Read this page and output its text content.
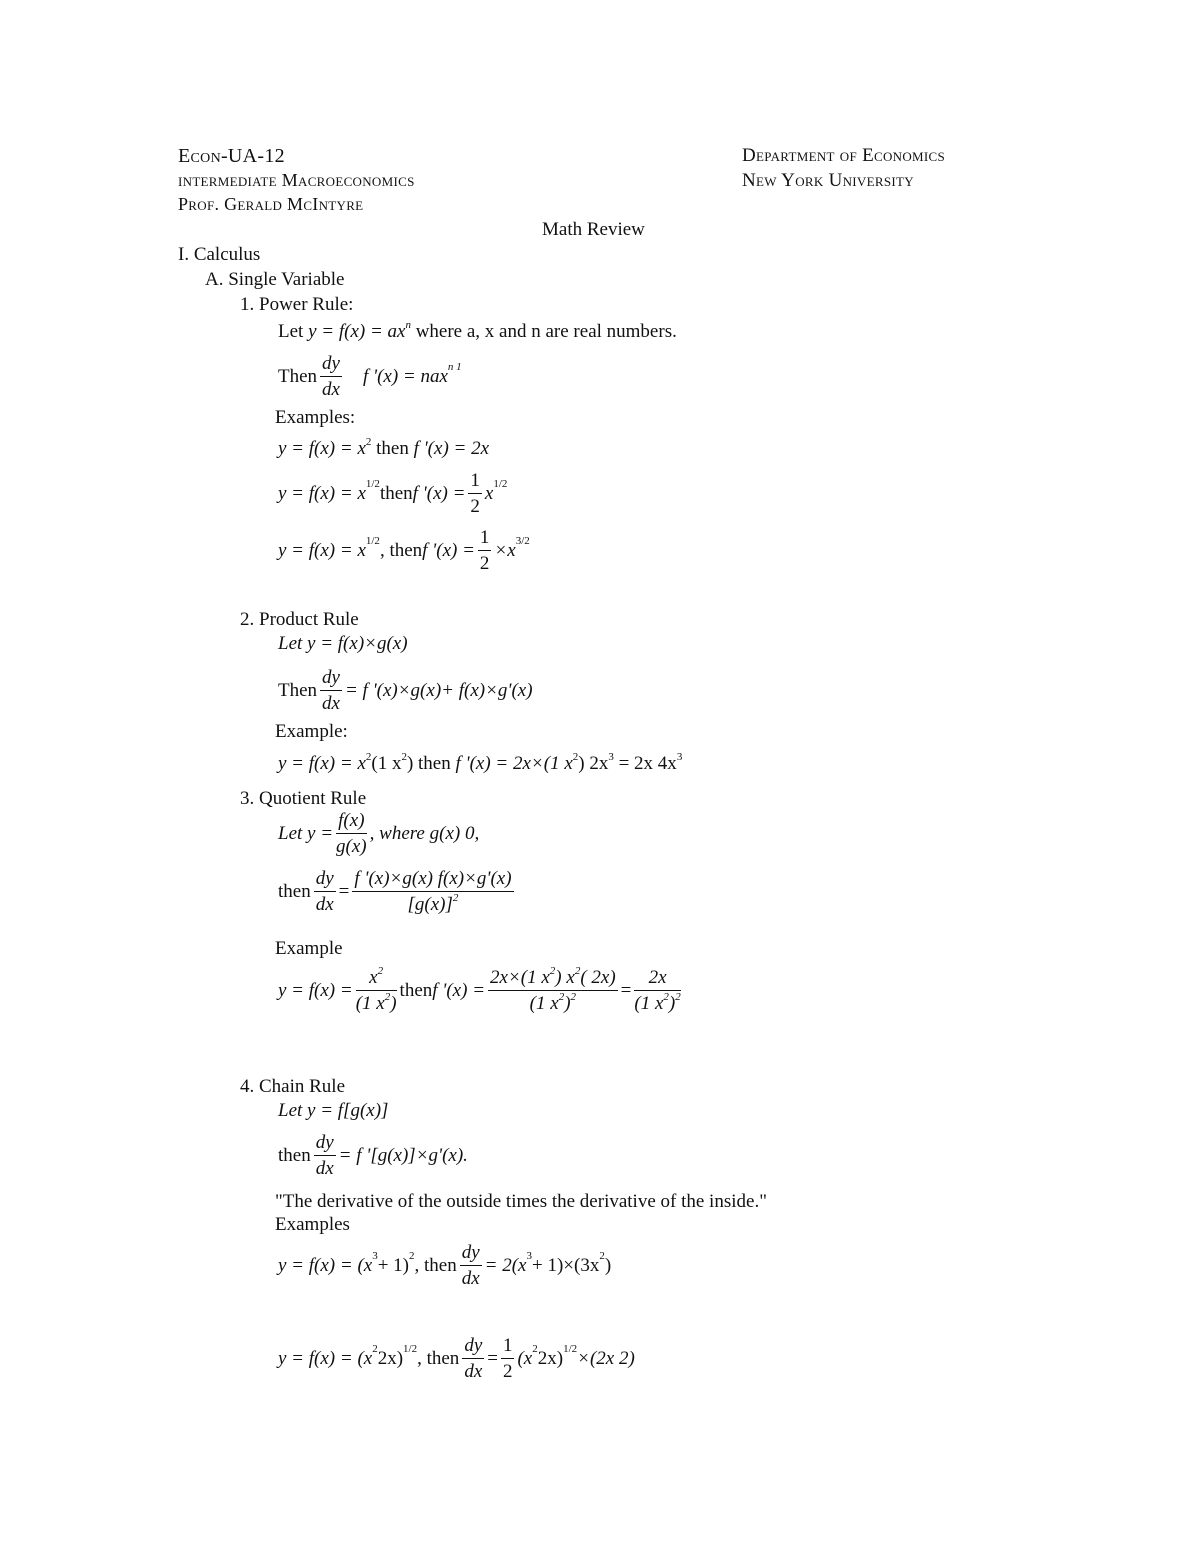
Econ-UA-12
intermediate Macroeconomics
Prof. Gerald McIntyre
Department of Economics
New York University
Math Review
I. Calculus
A. Single Variable
1. Power Rule:
Let $y = f(x) = ax^n$ where a, x and n are real numbers.
Then $\frac{dy}{dx}$ f '(x) = nax$^{n 1}$
Examples:
$y = f(x) = x^2$ then f '(x) = 2x
$y = f(x) = x^{1/2}$ then f '$(x) = \frac{1}{2} x^{1/2}$
$y = f(x) = x^{1/2}$ , then f '$(x) = \frac{1}{2} \times x^{3/2}$
2. Product Rule
Let y = f(x)×g(x)
Then $\frac{dy}{dx} = f$ '(x)×g(x)+ f(x)×g'(x)
Example:
$y = f(x) = x^2(1$ $x^2$) then f '(x) = 2x×(1 $x^2$) $2x^3 = 2x$ $4x^3$
3. Quotient Rule
Let $y = \frac{f(x)}{g(x)}$ , where g(x) 0,
then $\frac{dy}{dx} = \frac{f '(x)\times g(x) f(x)\times g'(x)}{[g(x)]^2}$
Example
$y = f(x) = \frac{x^2}{(1 x^2)}$ then f '$(x) = \frac{2x\times(1 x^2) x^2( 2x)}{(1 x^2)^2} = \frac{2x}{(1 x^2)^2}$
4. Chain Rule
Let y = f[g(x)]
then $\frac{dy}{dx} = f$ '[g(x)]×g'(x).
"The derivative of the outside times the derivative of the inside."
Examples
$y = f(x) = (x^3 + 1)^2$ , then $\frac{dy}{dx} = 2(x^3 + 1)\times(3x^2$ )
$y = f(x) = (x^2$ 2x)$^{1/2}$ , then $\frac{dy}{dx} = \frac{1}{2} (x^2$ 2x)$^{1/2}$ ×(2x 2)
